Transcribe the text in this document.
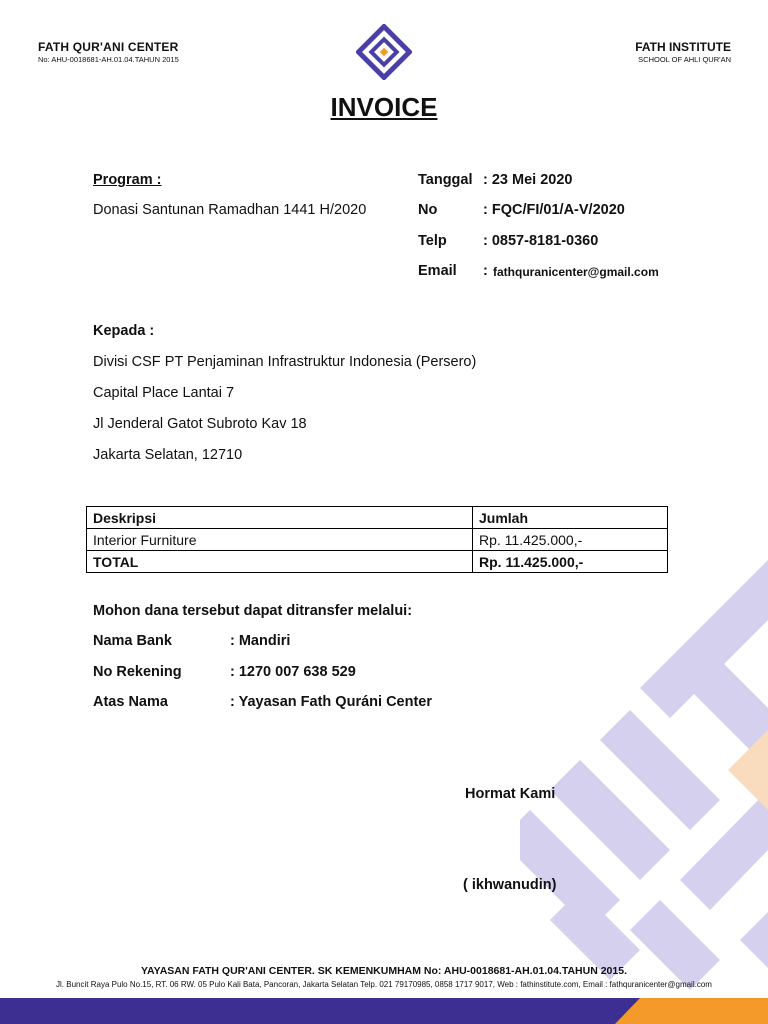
FATH QUR'ANI CENTER
No: AHU-0018681-AH.01.04.TAHUN 2015
FATH INSTITUTE
SCHOOL OF AHLI QUR'AN
INVOICE
Program :
Donasi Santunan Ramadhan 1441 H/2020
Tanggal : 23 Mei 2020
No	: FQC/FI/01/A-V/2020
Telp	: 0857-8181-0360
Email : fathquranicenter@gmail.com
Kepada :
Divisi CSF PT Penjaminan Infrastruktur Indonesia (Persero)
Capital Place Lantai 7
Jl Jenderal Gatot Subroto Kav 18
Jakarta Selatan, 12710
Deskripsi	Jumlah
Interior Furniture	Rp. 11.425.000,-
TOTAL	Rp. 11.425.000,-
Mohon dana tersebut dapat ditransfer melalui:
Nama Bank	: Mandiri
No Rekening	: 1270 007 638 529
Atas Nama	: Yayasan Fath Quráni Center
Hormat Kami
( ikhwanudin)
YAYASAN FATH QUR'ANI CENTER. SK KEMENKUMHAM No: AHU-0018681-AH.01.04.TAHUN 2015.
Jl. Buncit Raya Pulo No.15, RT. 06 RW. 05 Pulo Kali Bata, Pancoran, Jakarta Selatan Telp. 021 79170985, 0858 1717 9017, Web : fathinstitute.com, Email : fathquranicenter@gmail.com
